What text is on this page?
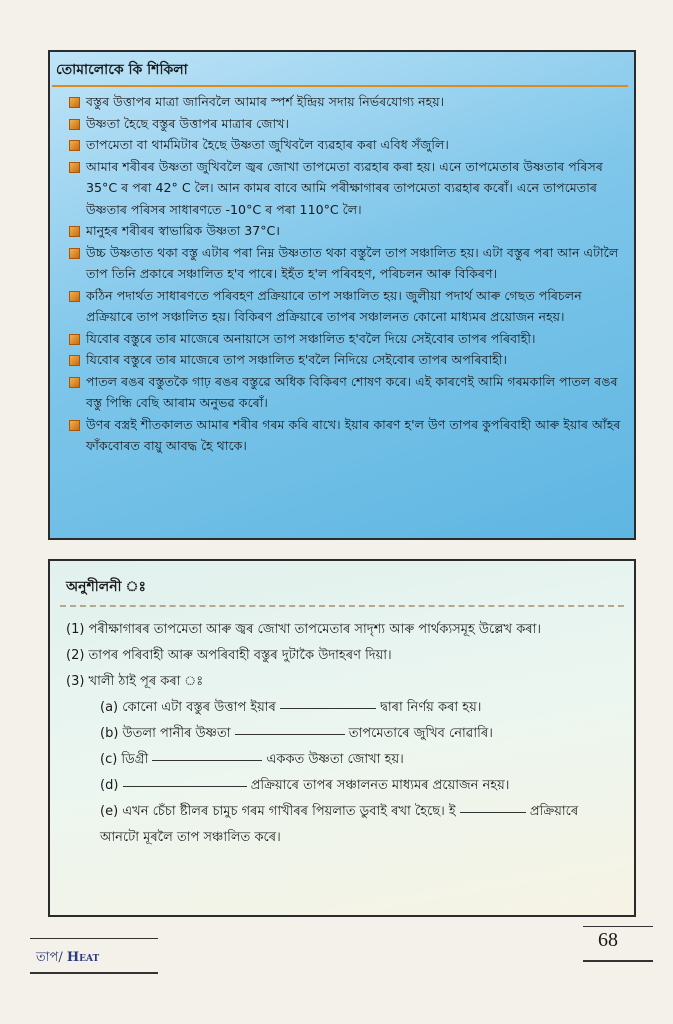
তোমালোকে কি শিকিলা
বস্তুৰ উত্তাপৰ মাত্ৰা জানিবলৈ আমাৰ স্পৰ্শ ইন্দ্ৰিয় সদায় নিৰ্ভৰযোগ্য নহয়।
উষ্ণতা হৈছে বস্তুৰ উত্তাপৰ মাত্ৰাৰ জোখ।
তাপমেতা বা থাৰ্মমিটাৰ হৈছে উষ্ণতা জুখিবলৈ ব্যৱহাৰ কৰা এবিধ সঁজুলি।
আমাৰ শৰীৰৰ উষ্ণতা জুখিবলৈ জ্বৰ জোখা তাপমেতা ব্যৱহাৰ কৰা হয়। এনে তাপমেতাৰ উষ্ণতাৰ পৰিসৰ 35°C ৰ পৰা 42° C লৈ। আন কামৰ বাবে আমি পৰীক্ষাগাৰৰ তাপমেতা ব্যৱহাৰ কৰোঁ। এনে তাপমেতাৰ উষ্ণতাৰ পৰিসৰ সাধাৰণতে -10°C ৰ পৰা 110°C লৈ।
মানুহৰ শৰীৰৰ স্বাভাৱিক উষ্ণতা 37°C।
উচ্চ উষ্ণতাত থকা বস্তু এটাৰ পৰা নিম্ন উষ্ণতাত থকা বস্তুলৈ তাপ সঞ্চালিত হয়। এটা বস্তুৰ পৰা আন এটালৈ তাপ তিনি প্ৰকাৰে সঞ্চালিত হ'ব পাৰে। ইহঁত হ'ল পৰিবহণ, পৰিচলন আৰু বিকিৰণ।
কঠিন পদাৰ্থত সাধাৰণতে পৰিবহণ প্ৰক্ৰিয়াৰে তাপ সঞ্চালিত হয়। জুলীয়া পদাৰ্থ আৰু গেছত পৰিচলন প্ৰক্ৰিয়াৰে তাপ সঞ্চালিত হয়। বিকিৰণ প্ৰক্ৰিয়াৰে তাপৰ সঞ্চালনত কোনো মাধ্যমৰ প্ৰয়োজন নহয়।
যিবোৰ বস্তুৰে তাৰ মাজেৰে অনায়াসে তাপ সঞ্চালিত হ'বলৈ দিয়ে সেইবোৰ তাপৰ পৰিবাহী।
যিবোৰ বস্তুৰে তাৰ মাজেৰে তাপ সঞ্চালিত হ'বলৈ নিদিয়ে সেইবোৰ তাপৰ অপৰিবাহী।
পাতল ৰঙৰ বস্তুতকৈ গাঢ় ৰঙৰ বস্তুৱে অধিক বিকিৰণ শোষণ কৰে। এই কাৰণেই আমি গৰমকালি পাতল ৰঙৰ বস্তু পিন্ধি বেছি আৰাম অনুভৱ কৰোঁ।
উণৰ বস্ত্ৰই শীতকালত আমাৰ শৰীৰ গৰম কৰি ৰাখে। ইয়াৰ কাৰণ হ'ল উণ তাপৰ কুপৰিবাহী আৰু ইয়াৰ আঁহৰ ফাঁকবোৰত বায়ু আবদ্ধ হৈ থাকে।
অনুশীলনী ঃ
(1) পৰীক্ষাগাৰৰ তাপমেতা আৰু জ্বৰ জোখা তাপমেতাৰ সাদৃশ্য আৰু পাৰ্থক্যসমূহ উল্লেখ কৰা।
(2) তাপৰ পৰিবাহী আৰু অপৰিবাহী বস্তুৰ দুটাকৈ উদাহৰণ দিয়া।
(3) খালী ঠাই পূৰ কৰা ঃ
(a) কোনো এটা বস্তুৰ উত্তাপ ইয়াৰ	দ্বাৰা নিৰ্ণয় কৰা হয়।
(b) উতলা পানীৰ উষ্ণতা	তাপমেতাৰে জুখিব নোৱাৰি।
(c) ডিগ্ৰী	এককত উষ্ণতা জোখা হয়।
(d)	প্ৰক্ৰিয়াৰে তাপৰ সঞ্চালনত মাধ্যমৰ প্ৰয়োজন নহয়।
(e) এখন চেঁচা ষ্টীলৰ চামুচ গৰম গাখীৰৰ পিয়লাত ডুবাই ৰখা হৈছে। ই	প্ৰক্ৰিয়াৰে আনটো মূৰলৈ তাপ সঞ্চালিত কৰে।
তাপ/ Heat
68
